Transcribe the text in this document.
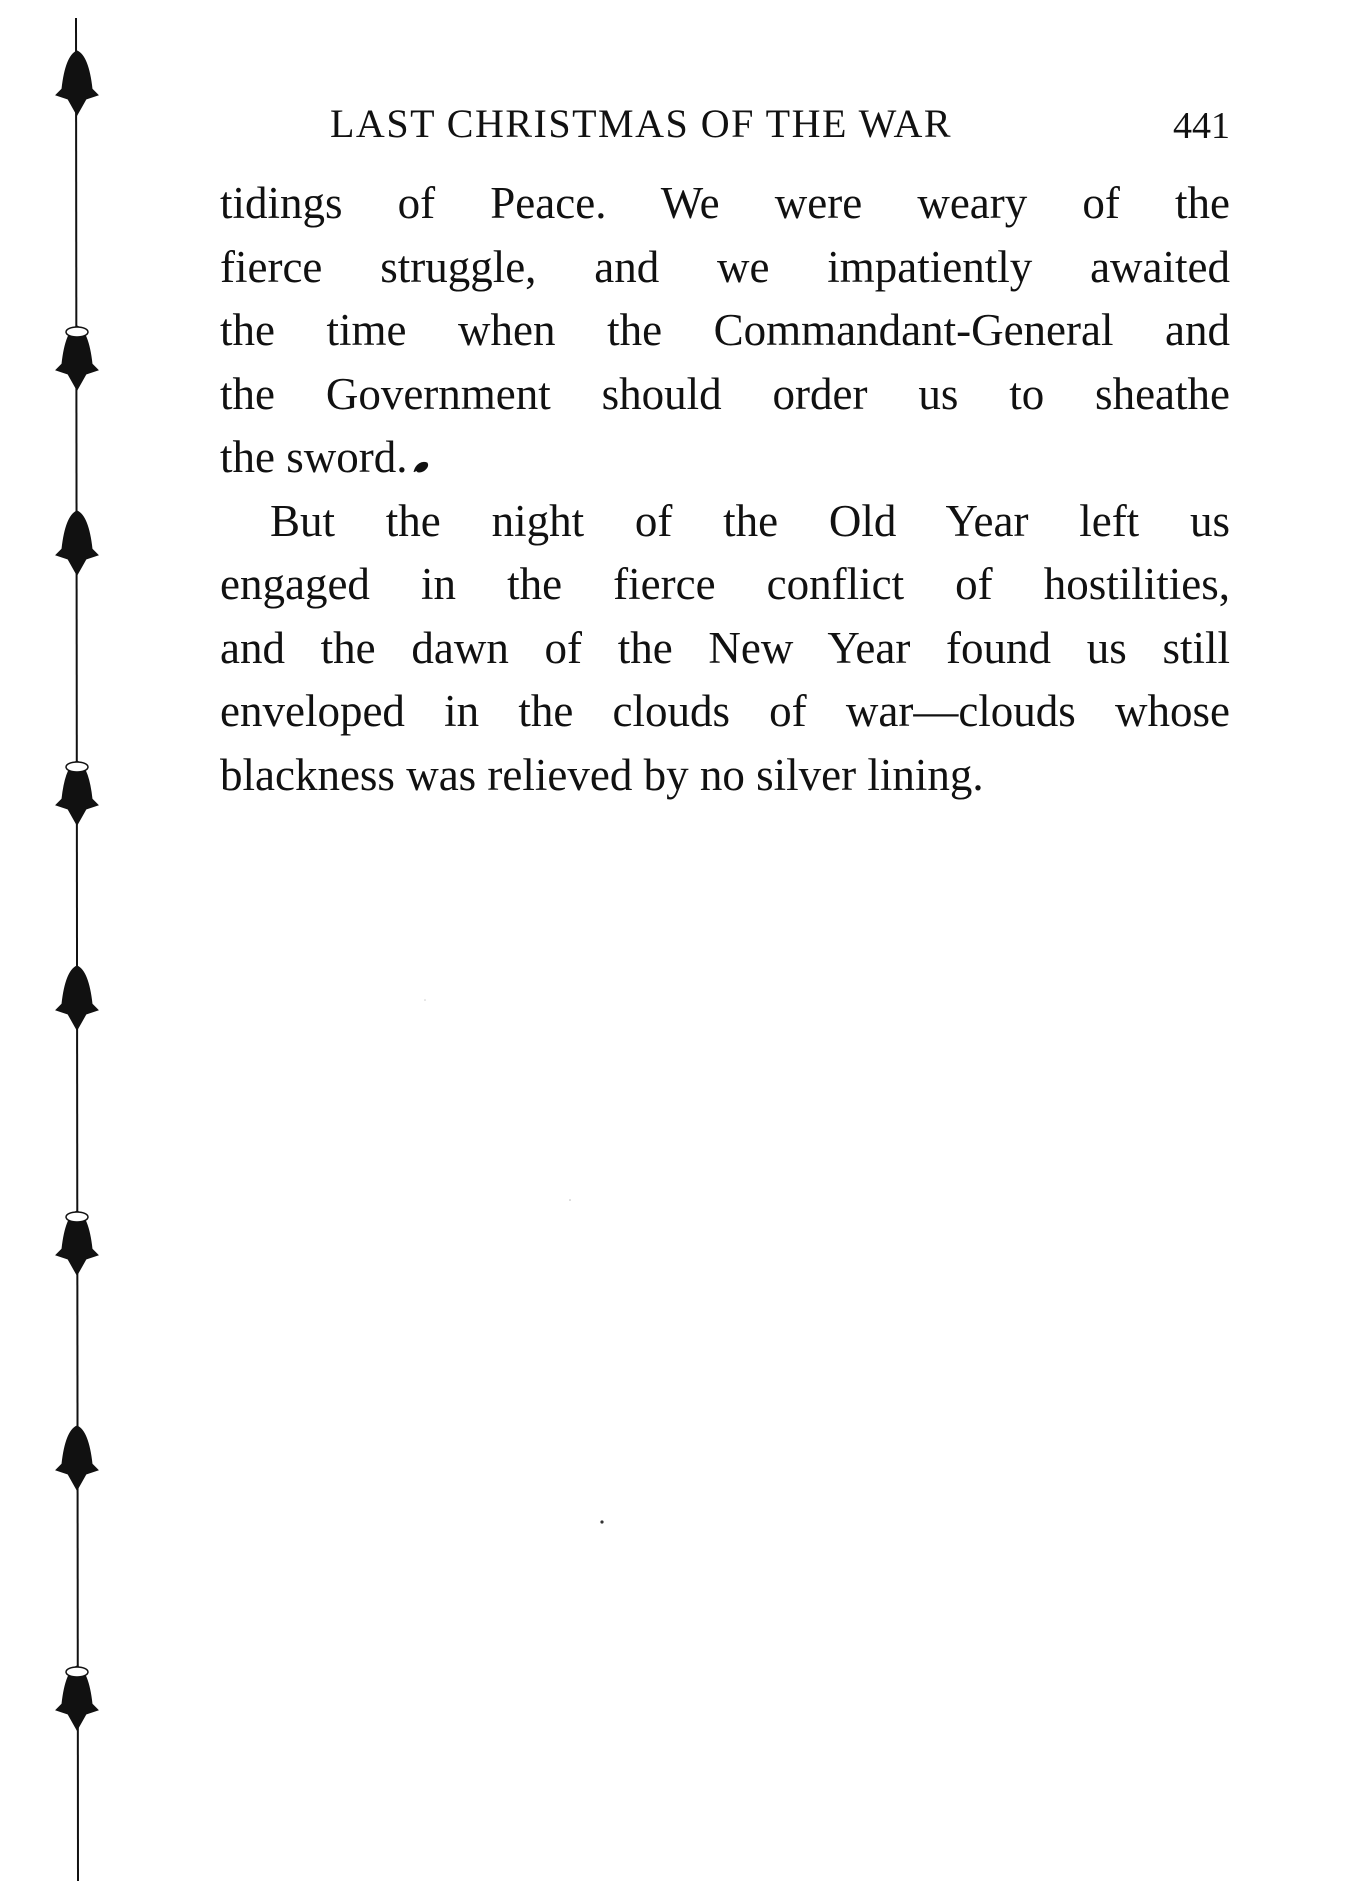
LAST CHRISTMAS OF THE WAR	441
tidings of Peace. We were weary of the
fierce struggle, and we impatiently awaited
the time when the Commandant-General and
the Government should order us to sheathe
the sword.
But the night of the Old Year left us
engaged in the fierce conflict of hostilities,
and the dawn of the New Year found us still
enveloped in the clouds of war—clouds whose
blackness was relieved by no silver lining.
